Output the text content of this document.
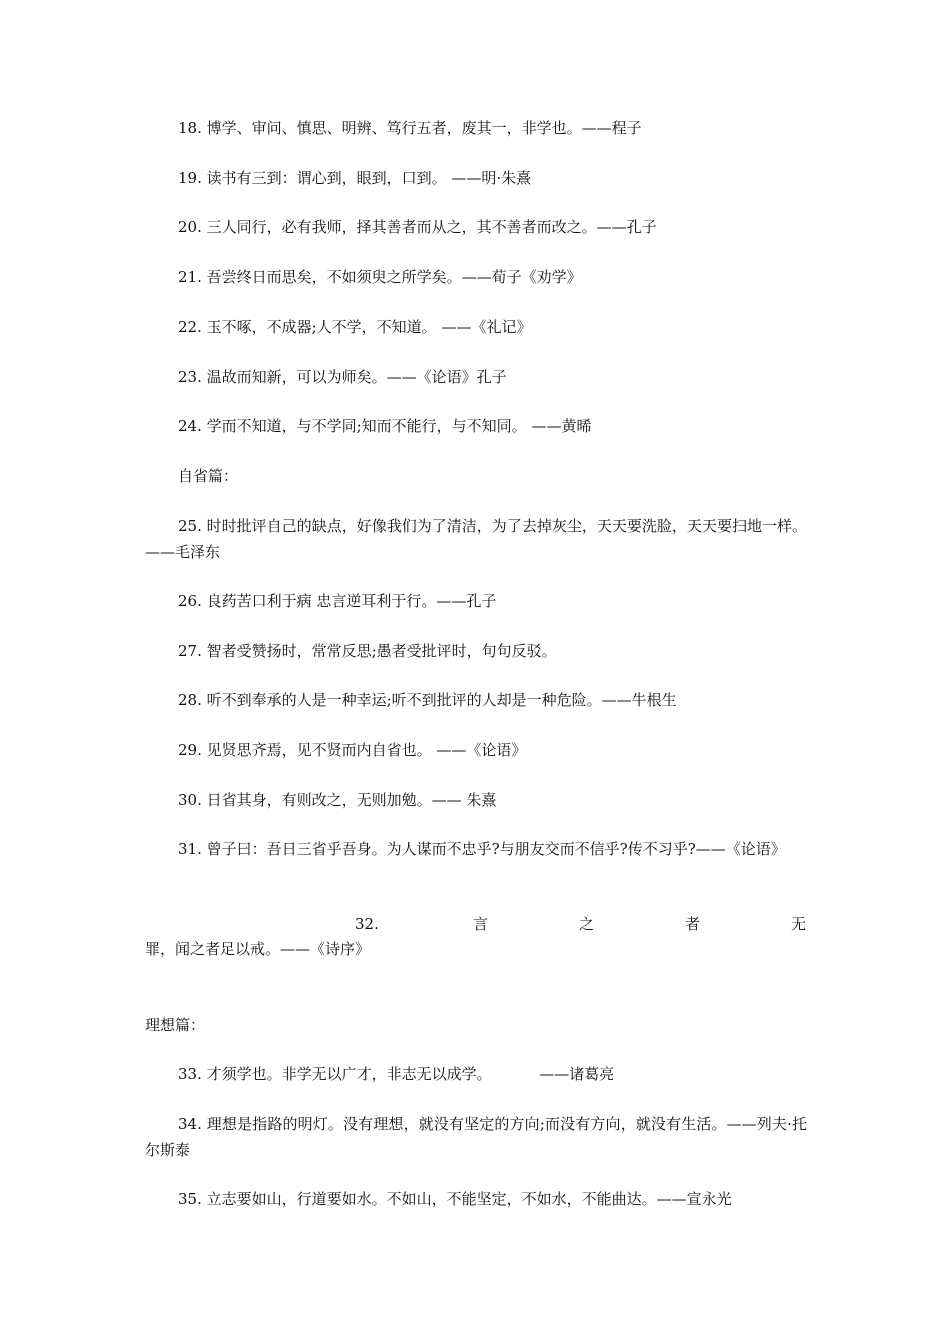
18. 博学、审问、慎思、明辨、笃行五者，废其一，非学也。——程子
19. 读书有三到：谓心到，眼到，口到。 ——明·朱熹
20. 三人同行，必有我师，择其善者而从之，其不善者而改之。——孔子
21. 吾尝终日而思矣，不如须臾之所学矣。——荀子《劝学》
22. 玉不啄，不成器;人不学，不知道。 ——《礼记》
23. 温故而知新，可以为师矣。——《论语》孔子
24. 学而不知道，与不学同;知而不能行，与不知同。 ——黄晞
自省篇：
25. 时时批评自己的缺点，好像我们为了清洁，为了去掉灰尘，天天要洗脸，天天要扫地一样。——毛泽东
26. 良药苦口利于病 忠言逆耳利于行。——孔子
27. 智者受赞扬时，常常反思;愚者受批评时，句句反驳。
28. 听不到奉承的人是一种幸运;听不到批评的人却是一种危险。——牛根生
29. 见贤思齐焉，见不贤而内自省也。 ——《论语》
30. 日省其身，有则改之，无则加勉。—— 朱熹
31. 曾子曰：吾日三省乎吾身。为人谋而不忠乎?与朋友交而不信乎?传不习乎?——《论语》
32.	言	之	者	无
罪，闻之者足以戒。——《诗序》
理想篇：
33. 才须学也。非学无以广才，非志无以成学。          ——诸葛亮
34. 理想是指路的明灯。没有理想，就没有坚定的方向;而没有方向，就没有生活。——列夫·托尔斯泰
35. 立志要如山，行道要如水。不如山，不能坚定，不如水，不能曲达。——宣永光
